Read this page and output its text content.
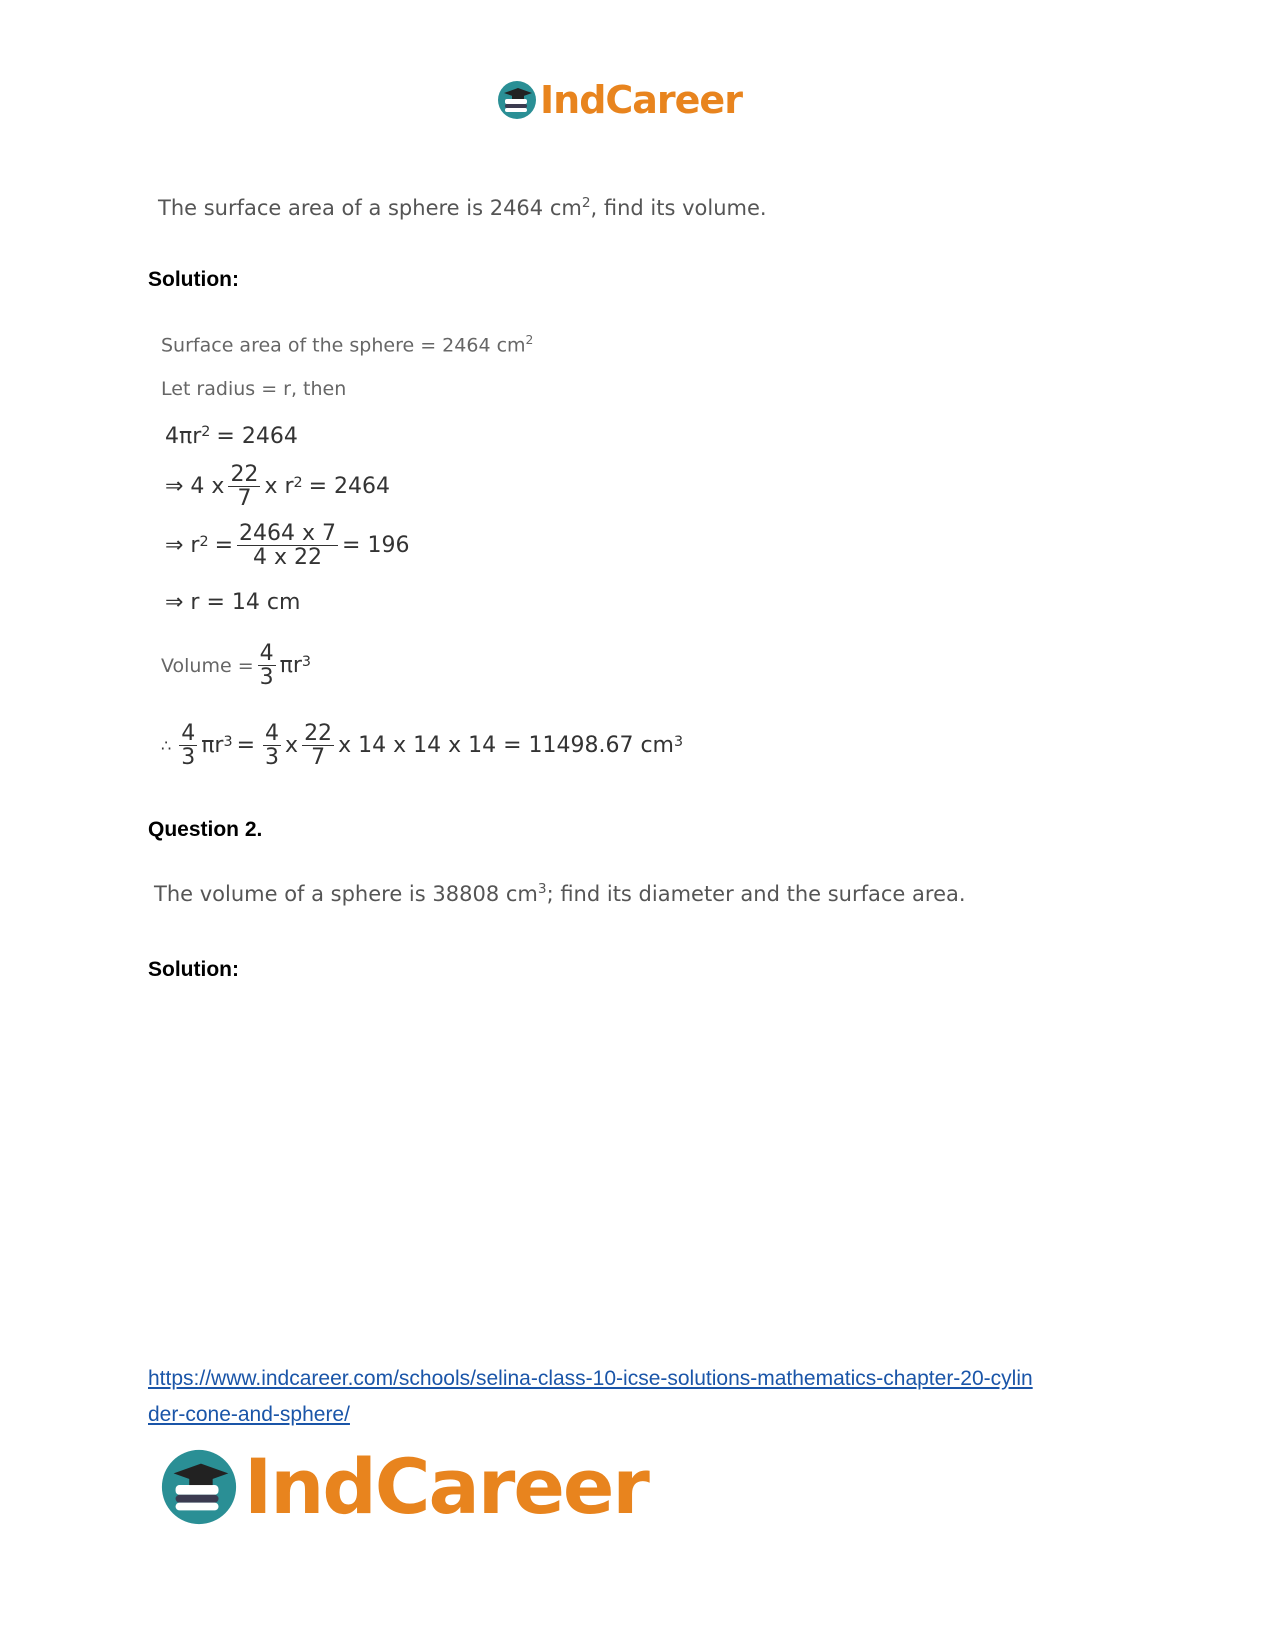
IndCareer
The surface area of a sphere is 2464 $cm^2$, find its volume.
Solution:
Surface area of the sphere = 2464 $cm^2$
Let radius = r, then
$4\pi r^2 = 2464$
⇒ 4 x $\frac{22}{7}$ x r 2 = 2464
⇒ r $2 = \frac{2464 x 7}{4 x 22} = 196$
⇒ r = 14 cm
Volume = $\frac{4}{3}$ πr 3
∴ $\frac{4}{3}$ πr $3 = \frac{4}{3}$ x $\frac{22}{7}$ x 14 x 14 x 14 = 11498.67 cm 3
Question 2.
The volume of a sphere is 38808 $cm^3$; find its diameter and the surface area.
Solution:
https://www.indcareer.com/schools/selina-class-10-icse-solutions-mathematics-chapter-20-cylin
der-cone-and-sphere/
IndCareer
